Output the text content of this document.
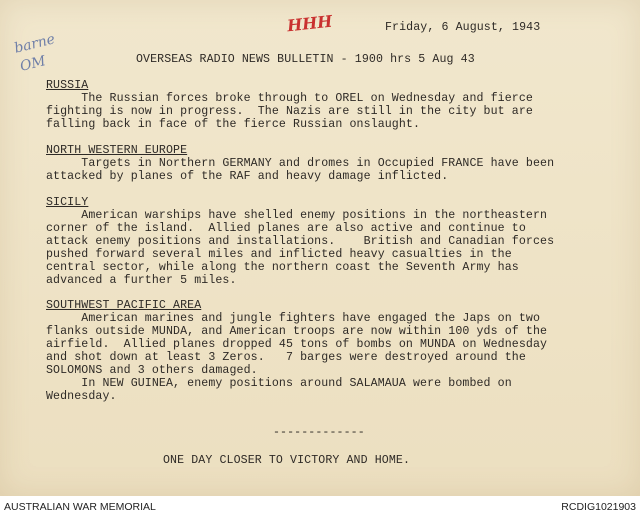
barne
OM
HHH	Friday, 6 August, 1943
OVERSEAS RADIO NEWS BULLETIN - 1900 hrs 5 Aug 43
RUSSIA
The Russian forces broke through to OREL on Wednesday and fierce
fighting is now in progress.  The Nazis are still in the city but are
falling back in face of the fierce Russian onslaught.
NORTH WESTERN EUROPE
Targets in Northern GERMANY and dromes in Occupied FRANCE have been
attacked by planes of the RAF and heavy damage inflicted.
SICILY
American warships have shelled enemy positions in the northeastern
corner of the island.  Allied planes are also active and continue to
attack enemy positions and installations.    British and Canadian forces
pushed forward several miles and inflicted heavy casualties in the
central sector, while along the northern coast the Seventh Army has
advanced a further 5 miles.
SOUTHWEST PACIFIC AREA
American marines and jungle fighters have engaged the Japs on two
flanks outside MUNDA, and American troops are now within 100 yds of the
airfield.  Allied planes dropped 45 tons of bombs on MUNDA on Wednesday
and shot down at least 3 Zeros.   7 barges were destroyed around the
SOLOMONS and 3 others damaged.
In NEW GUINEA, enemy positions around SALAMAUA were bombed on
Wednesday.
-------------
ONE DAY CLOSER TO VICTORY AND HOME.
AUSTRALIAN WAR MEMORIAL	RCDIG1021903
